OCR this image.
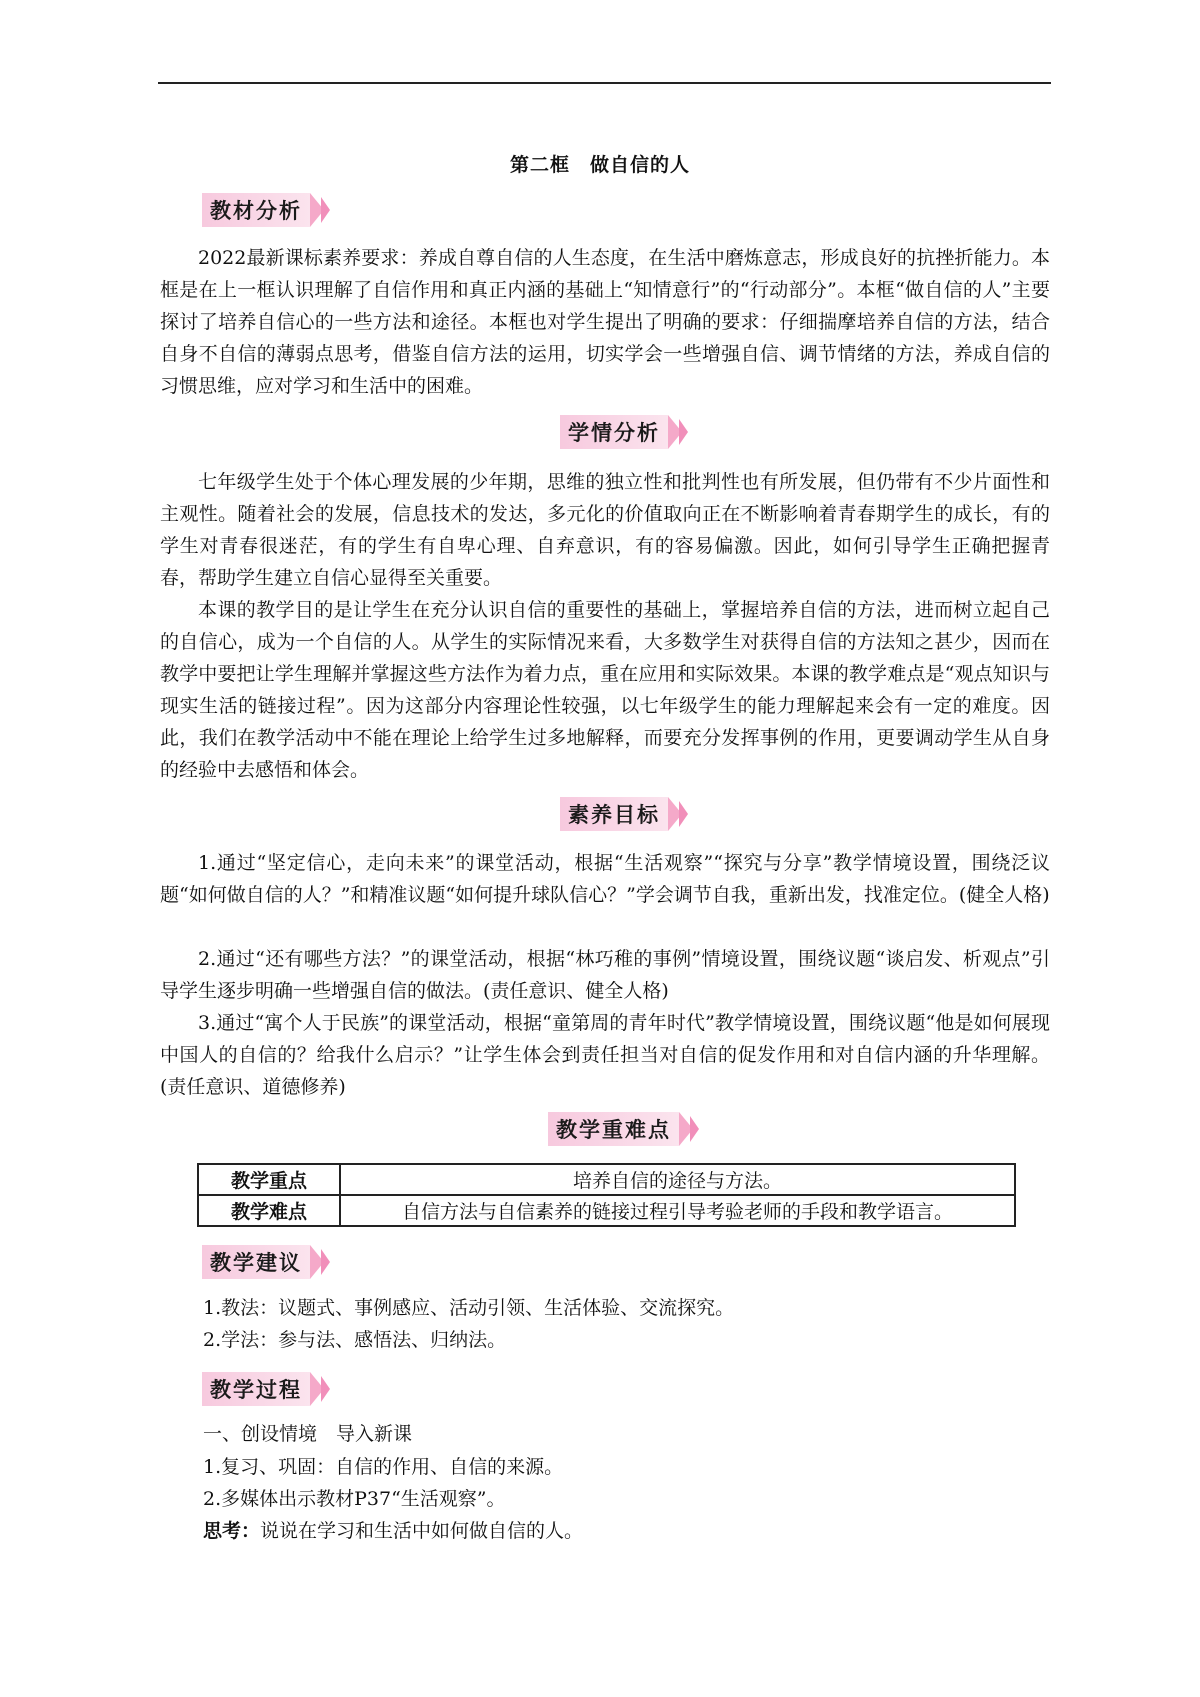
第二框　做自信的人
教材分析

2022最新课标素养要求：养成自尊自信的人生态度，在生活中磨炼意志，形成良好的抗挫折能力。本框是在上一框认识理解了自信作用和真正内涵的基础上“知情意行”的“行动部分”。本框“做自信的人”主要探讨了培养自信心的一些方法和途径。本框也对学生提出了明确的要求：仔细揣摩培养自信的方法，结合自身不自信的薄弱点思考，借鉴自信方法的运用，切实学会一些增强自信、调节情绪的方法，养成自信的习惯思维，应对学习和生活中的困难。

学情分析

七年级学生处于个体心理发展的少年期，思维的独立性和批判性也有所发展，但仍带有不少片面性和主观性。随着社会的发展，信息技术的发达，多元化的价值取向正在不断影响着青春期学生的成长，有的学生对青春很迷茫，有的学生有自卑心理、自弃意识，有的容易偏激。因此，如何引导学生正确把握青春，帮助学生建立自信心显得至关重要。

本课的教学目的是让学生在充分认识自信的重要性的基础上，掌握培养自信的方法，进而树立起自己的自信心，成为一个自信的人。从学生的实际情况来看，大多数学生对获得自信的方法知之甚少，因而在教学中要把让学生理解并掌握这些方法作为着力点，重在应用和实际效果。本课的教学难点是“观点知识与现实生活的链接过程”。因为这部分内容理论性较强，以七年级学生的能力理解起来会有一定的难度。因此，我们在教学活动中不能在理论上给学生过多地解释，而要充分发挥事例的作用，更要调动学生从自身的经验中去感悟和体会。

素养目标

1.通过“坚定信心，走向未来”的课堂活动，根据“生活观察”“探究与分享”教学情境设置，围绕泛议题“如何做自信的人？”和精准议题“如何提升球队信心？”学会调节自我，重新出发，找准定位。(健全人格)

2.通过“还有哪些方法？”的课堂活动，根据“林巧稚的事例”情境设置，围绕议题“谈启发、析观点”引导学生逐步明确一些增强自信的做法。(责任意识、健全人格)

3.通过“寓个人于民族”的课堂活动，根据“童第周的青年时代”教学情境设置，围绕议题“他是如何展现中国人的自信的？给我什么启示？”让学生体会到责任担当对自信的促发作用和对自信内涵的升华理解。(责任意识、道德修养)

教学重难点
教学重点	培养自信的途径与方法。
教学难点	自信方法与自信素养的链接过程引导考验老师的手段和教学语言。
教学建议

1.教法：议题式、事例感应、活动引领、生活体验、交流探究。

2.学法：参与法、感悟法、归纳法。

教学过程

一、创设情境　导入新课

1.复习、巩固：自信的作用、自信的来源。

2.多媒体出示教材P37“生活观察”。

思考：说说在学习和生活中如何做自信的人。
